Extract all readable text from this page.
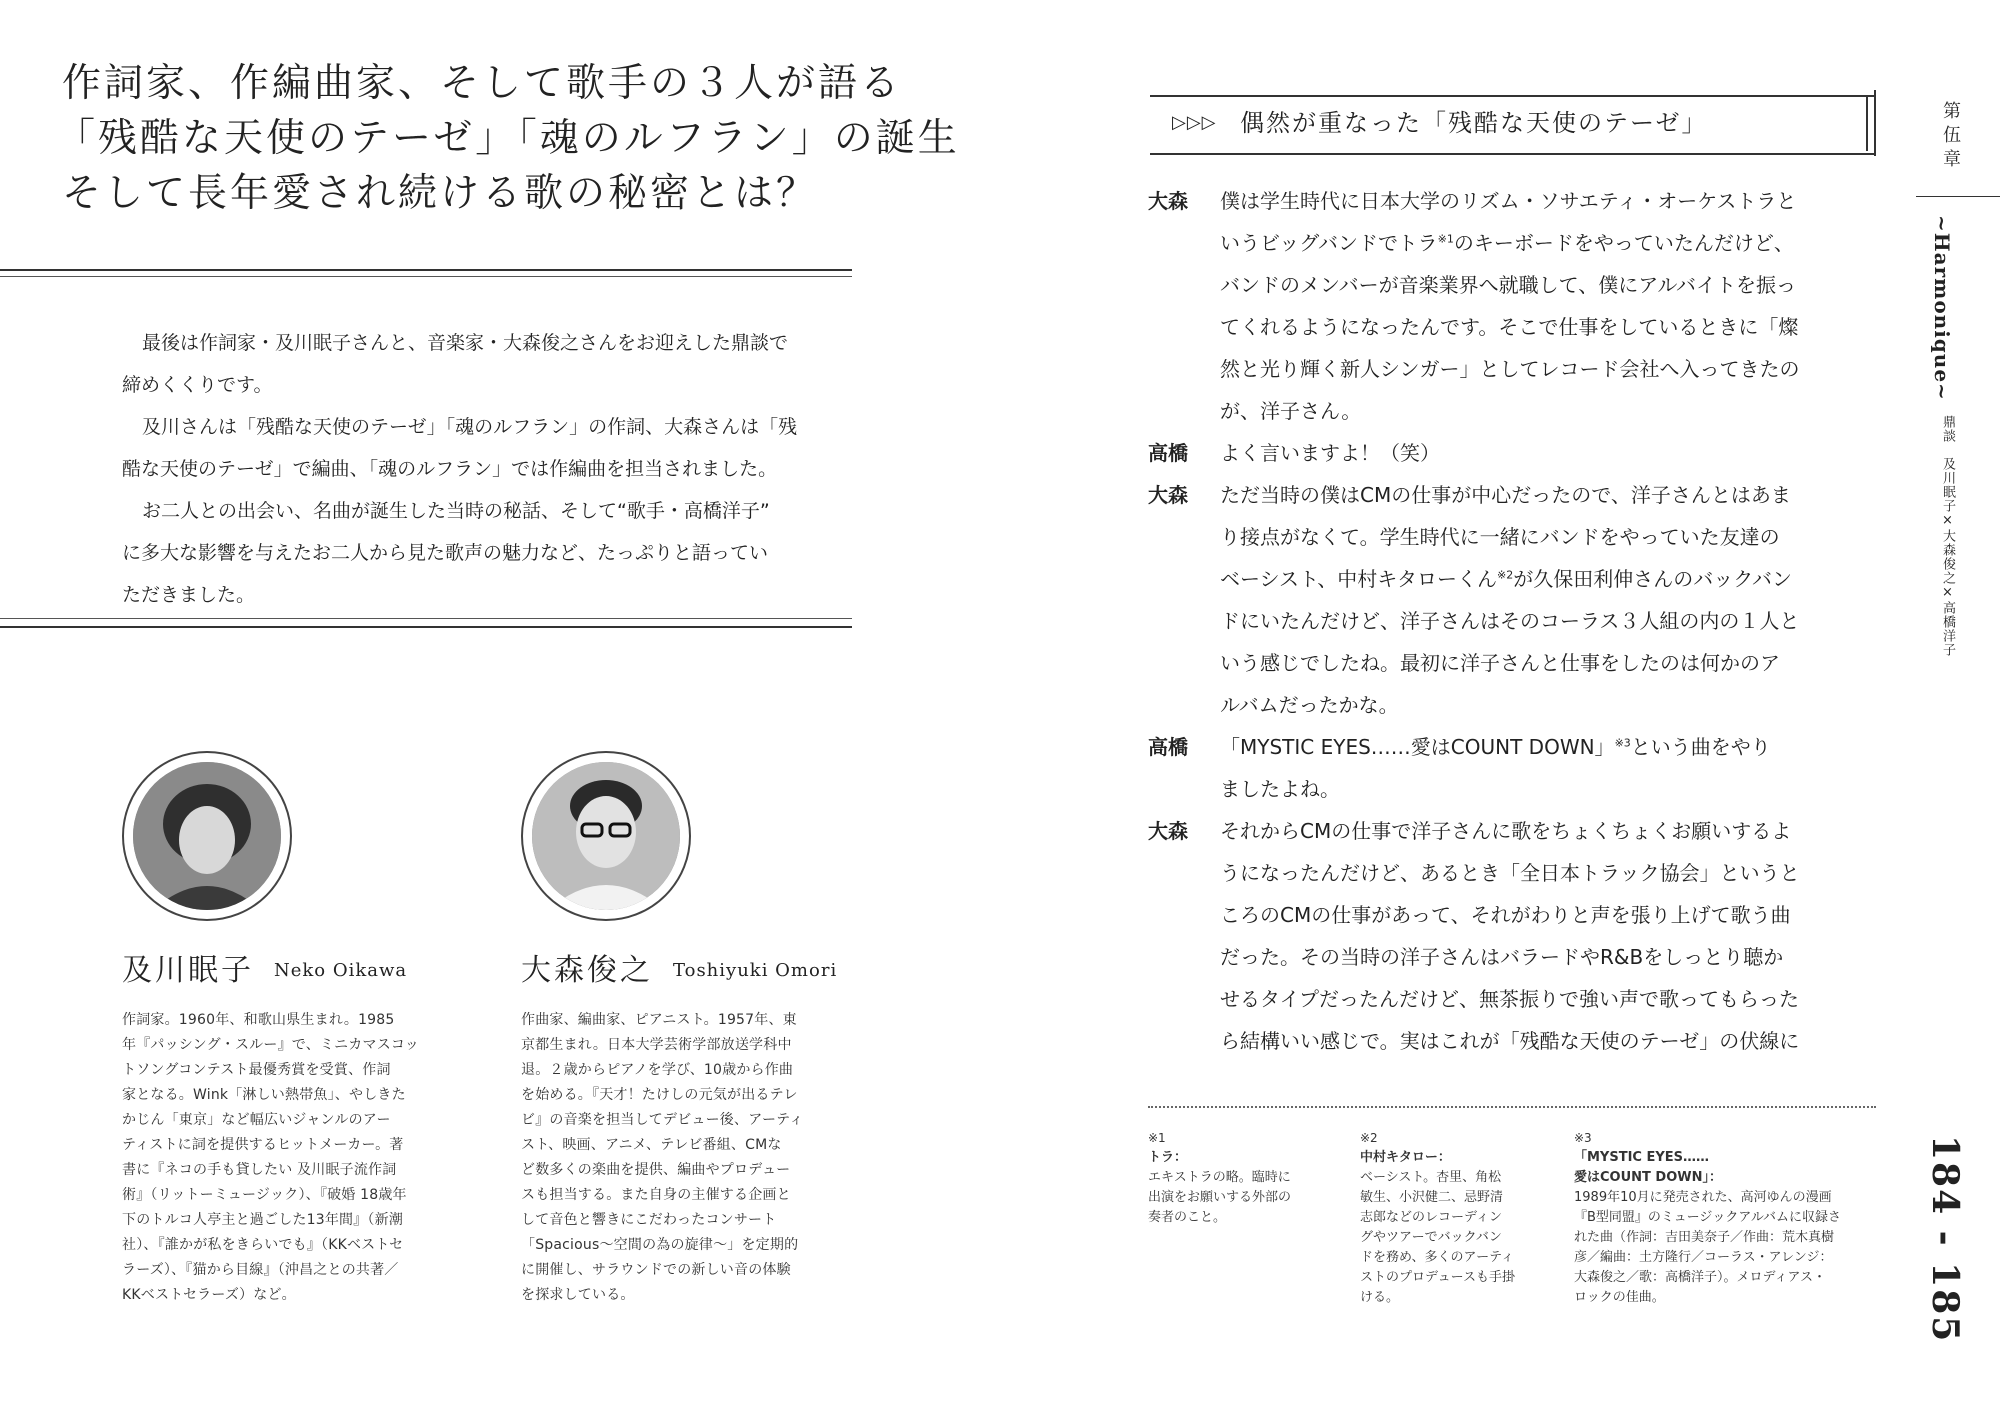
作詞家、作編曲家、そして歌手の３人が語る
「残酷な天使のテーゼ」「魂のルフラン」の誕生
そして長年愛され続ける歌の秘密とは？

最後は作詞家・及川眠子さんと、音楽家・大森俊之さんをお迎えした鼎談で

締めくくりです。

及川さんは「残酷な天使のテーゼ」「魂のルフラン」の作詞、大森さんは「残

酷な天使のテーゼ」で編曲、「魂のルフラン」では作編曲を担当されました。

お二人との出会い、名曲が誕生した当時の秘話、そして“歌手・高橋洋子”

に多大な影響を与えたお二人から見た歌声の魅力など、たっぷりと語ってい

ただきました。

及川眠子 Neko Oikawa

作詞家。1960年、和歌山県生まれ。1985

年『パッシング・スルー』で、ミニカマスコッ

トソングコンテスト最優秀賞を受賞、作詞

家となる。Wink「淋しい熱帯魚」、やしきた

かじん「東京」など幅広いジャンルのアー

ティストに詞を提供するヒットメーカー。著

書に『ネコの手も貸したい 及川眠子流作詞

術』（リットーミュージック）、『破婚 18歳年

下のトルコ人亭主と過ごした13年間』（新潮

社）、『誰かが私をきらいでも』（KKベストセ

ラーズ）、『猫から目線』（沖昌之との共著／

KKベストセラーズ）など。

大森俊之 Toshiyuki Omori

作曲家、編曲家、ピアニスト。1957年、東

京都生まれ。日本大学芸術学部放送学科中

退。２歳からピアノを学び、10歳から作曲

を始める。『天才！たけしの元気が出るテレ

ビ』の音楽を担当してデビュー後、アーティ

スト、映画、アニメ、テレビ番組、CMな

ど数多くの楽曲を提供、編曲やプロデュー

スも担当する。また自身の主催する企画と

して音色と響きにこだわったコンサート

「Spacious〜空間の為の旋律〜」を定期的

に開催し、サラウンドでの新しい音の体験

を探求している。

▷▷▷ 偶然が重なった「残酷な天使のテーゼ」
大森 僕は学生時代に日本大学のリズム・ソサエティ・オーケストラと

いうビッグバンドでトラ$^{※1}$のキーボードをやっていたんだけど、

バンドのメンバーが音楽業界へ就職して、僕にアルバイトを振っ

てくれるようになったんです。そこで仕事をしているときに「燦

然と光り輝く新人シンガー」としてレコード会社へ入ってきたの

が、洋子さん。

高橋 よく言いますよ！（笑）

大森 ただ当時の僕はCMの仕事が中心だったので、洋子さんとはあま

り接点がなくて。学生時代に一緒にバンドをやっていた友達の

ベーシスト、中村キタローくん$^{※2}$が久保田利伸さんのバックバン

ドにいたんだけど、洋子さんはそのコーラス３人組の内の１人と

いう感じでしたね。最初に洋子さんと仕事をしたのは何かのア

ルバムだったかな。

高橋 「MYSTIC EYES……愛はCOUNT DOWN」$^{※3}$という曲をやり

ましたよね。

大森 それからCMの仕事で洋子さんに歌をちょくちょくお願いするよ

うになったんだけど、あるとき「全日本トラック協会」というと

ころのCMの仕事があって、それがわりと声を張り上げて歌う曲

だった。その当時の洋子さんはバラードやR&Bをしっとり聴か

せるタイプだったんだけど、無茶振りで強い声で歌ってもらった

ら結構いい感じで。実はこれが「残酷な天使のテーゼ」の伏線に

※1

トラ：

エキストラの略。臨時に

出演をお願いする外部の

奏者のこと。

※2

中村キタロー：

ベーシスト。杏里、角松

敏生、小沢健二、忌野清

志郎などのレコーディン

グやツアーでバックバン

ドを務め、多くのアーティ

ストのプロデュースも手掛

ける。

※3

「MYSTIC EYES……

愛はCOUNT DOWN」：

1989年10月に発売された、高河ゆんの漫画

『B型同盟』のミュージックアルバムに収録さ

れた曲（作詞：吉田美奈子／作曲：荒木真樹

彦／編曲：土方隆行／コーラス・アレンジ：

大森俊之／歌：高橋洋子）。メロディアス・

ロックの佳曲。

第伍章
~Harmonique~
鼎談　及川眠子×大森俊之×高橋洋子
184 - 185
